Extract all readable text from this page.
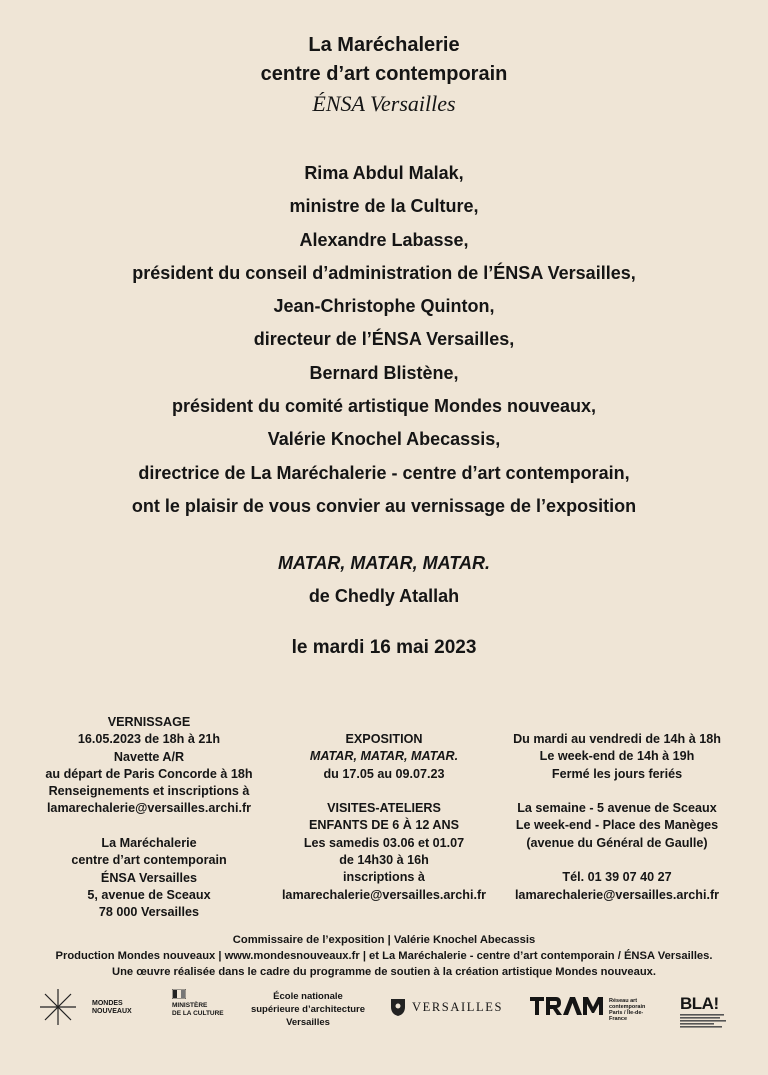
La Maréchalerie
centre d’art contemporain
ÉNSA Versailles
Rima Abdul Malak,
ministre de la Culture,
Alexandre Labasse,
président du conseil d’administration de l’ÉNSA Versailles,
Jean-Christophe Quinton,
directeur de l’ÉNSA Versailles,
Bernard Blistène,
président du comité artistique Mondes nouveaux,
Valérie Knochel Abecassis,
directrice de La Maréchalerie - centre d’art contemporain,
ont le plaisir de vous convier au vernissage de l’exposition
MATAR, MATAR, MATAR.
de Chedly Atallah
le mardi 16 mai 2023

VERNISSAGE

16.05.2023 de 18h à 21h

Navette A/R

au départ de Paris Concorde à 18h

Renseignements et inscriptions à

lamarechalerie@versailles.archi.fr

La Maréchalerie

centre d’art contemporain

ÉNSA Versailles

5, avenue de Sceaux

78 000 Versailles

EXPOSITION

MATAR, MATAR, MATAR.

du 17.05 au 09.07.23

VISITES-ATELIERS

ENFANTS DE 6 À 12 ANS

Les samedis 03.06 et 01.07

de 14h30 à 16h

inscriptions à

lamarechalerie@versailles.archi.fr

Du mardi au vendredi de 14h à 18h

Le week-end de 14h à 19h

Fermé les jours feriés

La semaine - 5 avenue de Sceaux

Le week-end - Place des Manèges

(avenue du Général de Gaulle)

Tél. 01 39 07 40 27

lamarechalerie@versailles.archi.fr

Commissaire de l’exposition | Valérie Knochel Abecassis
Production Mondes nouveaux | www.mondesnouveaux.fr | et La Maréchalerie - centre d’art contemporain / ÉNSA Versailles.
Une œuvre réalisée dans le cadre du programme de soutien à la création artistique Mondes nouveaux.
MONDES
NOUVEAUX
MINISTÈRE
DE LA CULTURE
École nationale
supérieure d’architecture
Versailles
VERSAILLES	Réseau art
contemporain
Paris / Île-de-France
BLA!
